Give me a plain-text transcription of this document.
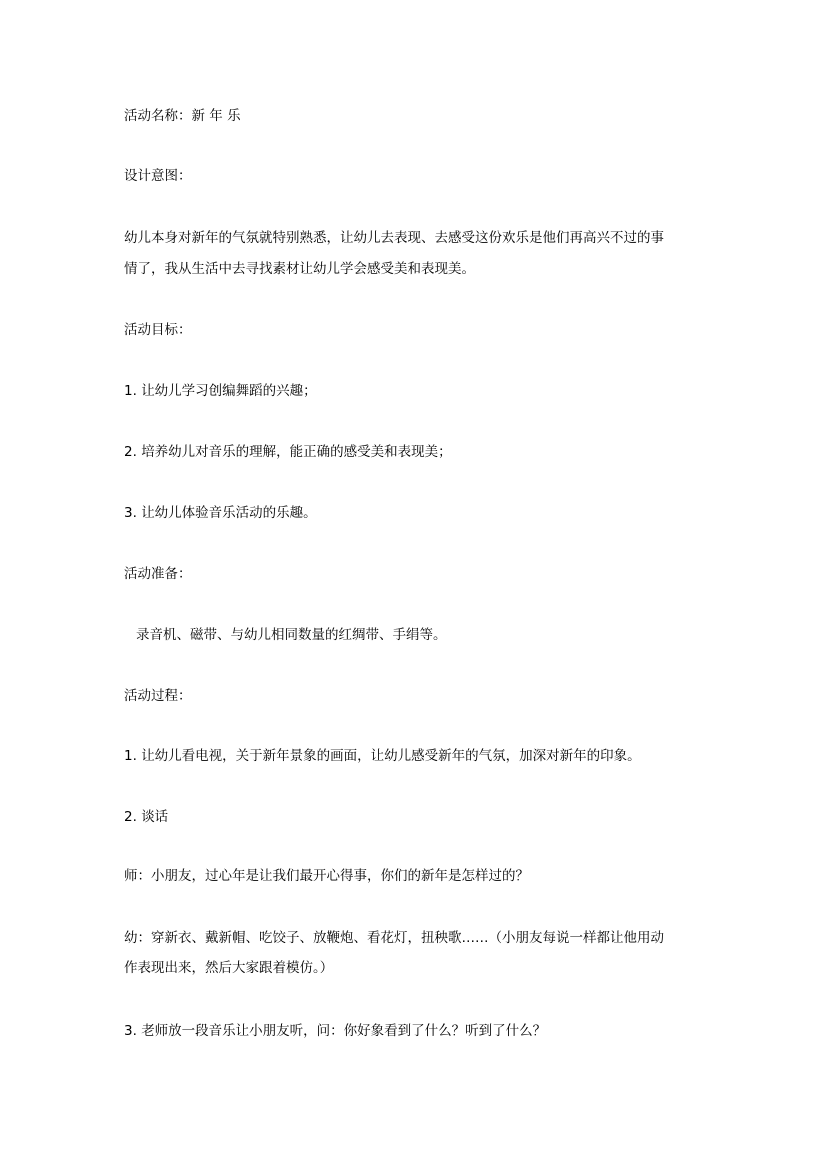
活动名称：新 年 乐
设计意图：
幼儿本身对新年的气氛就特别熟悉，让幼儿去表现、去感受这份欢乐是他们再高兴不过的事
情了，我从生活中去寻找素材让幼儿学会感受美和表现美。
活动目标：
1. 让幼儿学习创编舞蹈的兴趣；
2. 培养幼儿对音乐的理解，能正确的感受美和表现美；
3. 让幼儿体验音乐活动的乐趣。
活动准备：
录音机、磁带、与幼儿相同数量的红绸带、手绢等。
活动过程：
1. 让幼儿看电视，关于新年景象的画面，让幼儿感受新年的气氛，加深对新年的印象。
2. 谈话
师：小朋友，过心年是让我们最开心得事，你们的新年是怎样过的？
幼：穿新衣、戴新帽、吃饺子、放鞭炮、看花灯，扭秧歌……（小朋友每说一样都让他用动
作表现出来，然后大家跟着模仿。）
3. 老师放一段音乐让小朋友听，问：你好象看到了什么？听到了什么？
